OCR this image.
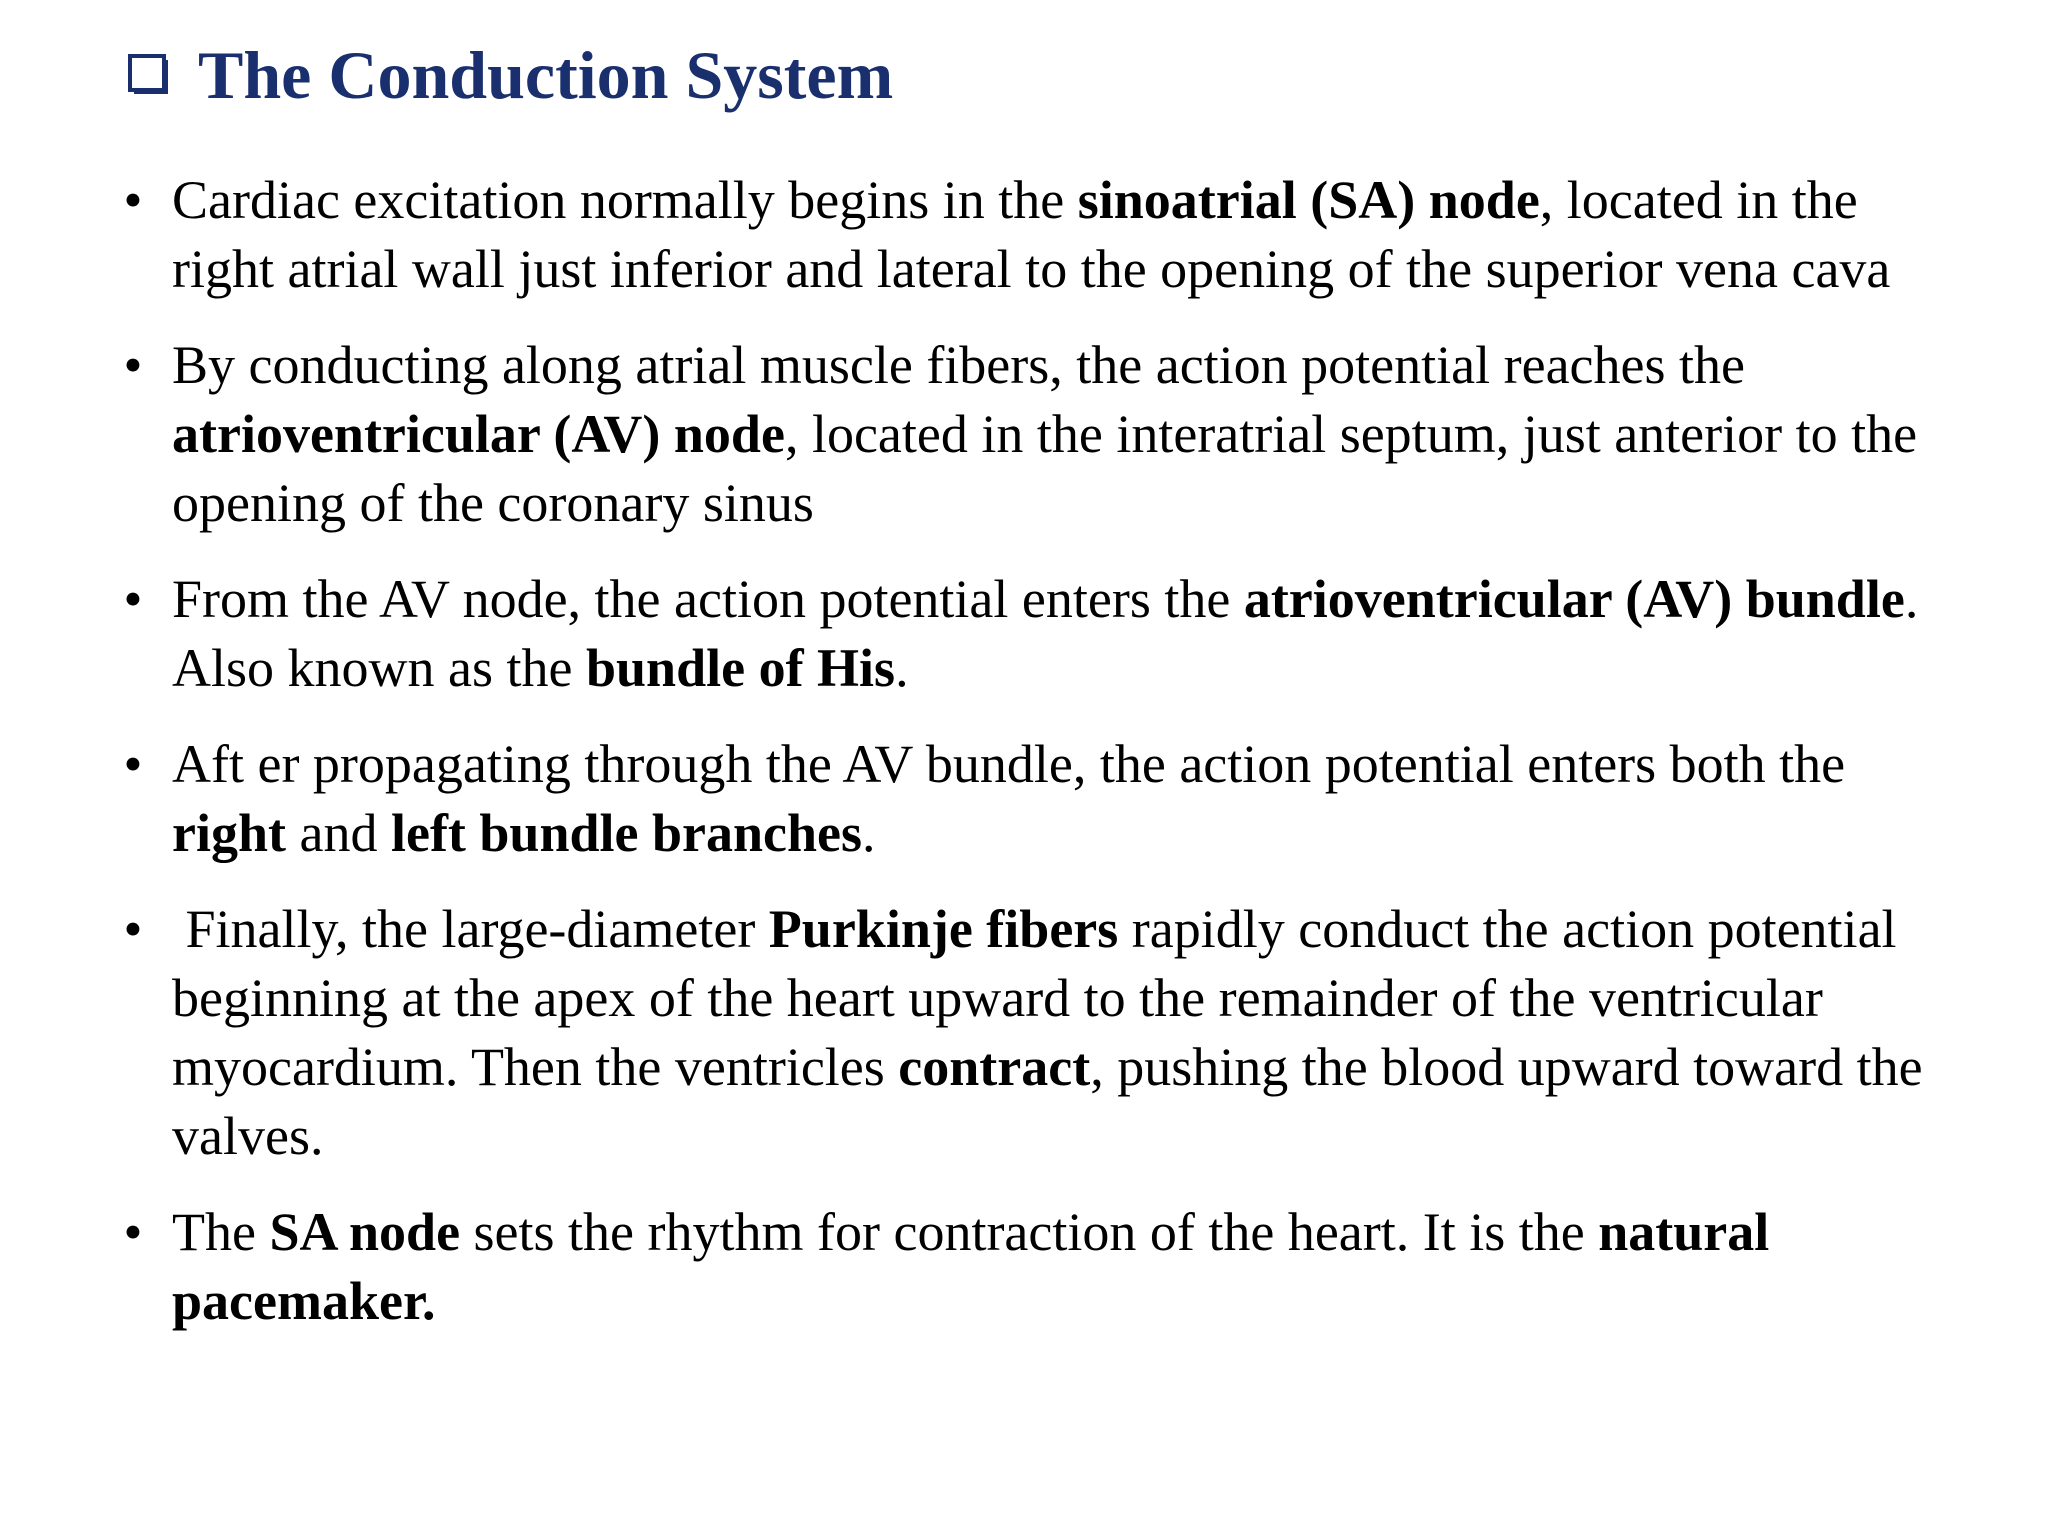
The Conduction System
• Cardiac excitation normally begins in the sinoatrial (SA) node, located in the right atrial wall just inferior and lateral to the opening of the superior vena cava
• By conducting along atrial muscle fibers, the action potential reaches the atrioventricular (AV) node, located in the interatrial septum, just anterior to the opening of the coronary sinus
• From the AV node, the action potential enters the atrioventricular (AV) bundle. Also known as the bundle of His.
• Aft er propagating through the AV bundle, the action potential enters both the right and left bundle branches.
• Finally, the large-diameter Purkinje fibers rapidly conduct the action potential beginning at the apex of the heart upward to the remainder of the ventricular myocardium. Then the ventricles contract, pushing the blood upward toward the valves.
• The SA node sets the rhythm for contraction of the heart. It is the natural pacemaker.
